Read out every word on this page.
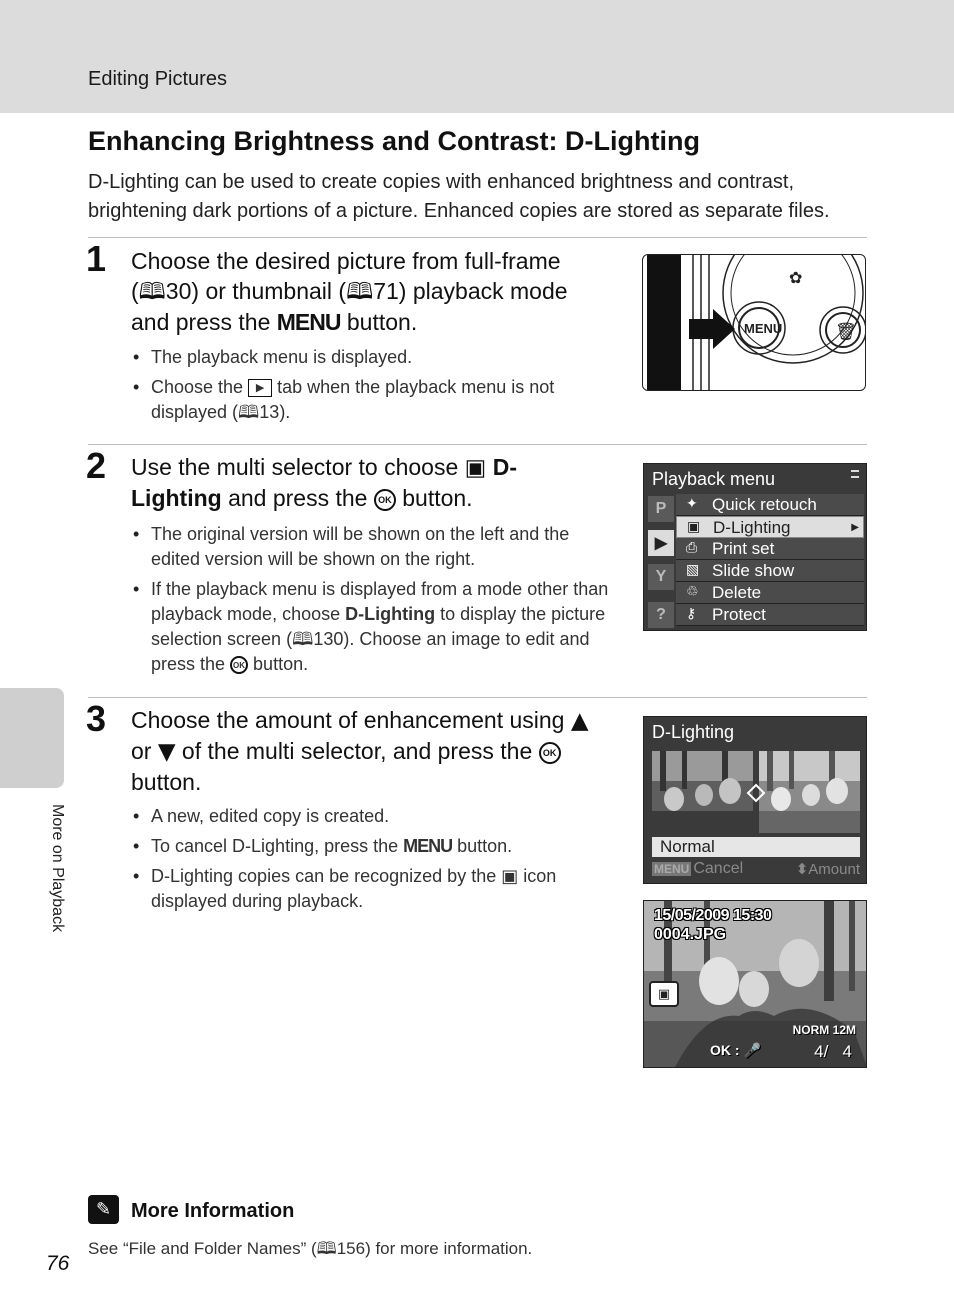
Editing Pictures
More on Playback
Enhancing Brightness and Contrast: D-Lighting

D-Lighting can be used to create copies with enhanced brightness and contrast, brightening dark portions of a picture. Enhanced copies are stored as separate files.

1 Choose the desired picture from full-frame
(🕮30) or thumbnail (🕮71) playback mode
and press the MENU button.
• The playback menu is displayed.
• Choose the ▶ tab when the playback menu is not
displayed (🕮13).
✿
MENU	🗑
2 Use the multi selector to choose ▣ D-
Lighting and press the OK button.
• The original version will be shown on the left and the edited version will be shown on the right.
• If the playback menu is displayed from a mode other than playback mode, choose D-Lighting to display the picture selection screen (🕮130). Choose an image to edit and press the OK button.
Playback menu
P
▶
Y
?
✦ Quick retouch
▣ D-Lighting	▶
⎙ Print set
▧ Slide show
♲ Delete
⚷ Protect
3 Choose the amount of enhancement using ▲
or ▼ of the multi selector, and press the OK
button.
• A new, edited copy is created.
• To cancel D-Lighting, press the MENU button.
• D-Lighting copies can be recognized by the ▣ icon displayed during playback.
D-Lighting
Normal
MENU Cancel	⬍Amount
15/05/2009 15:30
0004.JPG
▣
NORM 12M
OK : 🎤	4/ 4
✎ More Information
See “File and Folder Names” (🕮156) for more information.
76
